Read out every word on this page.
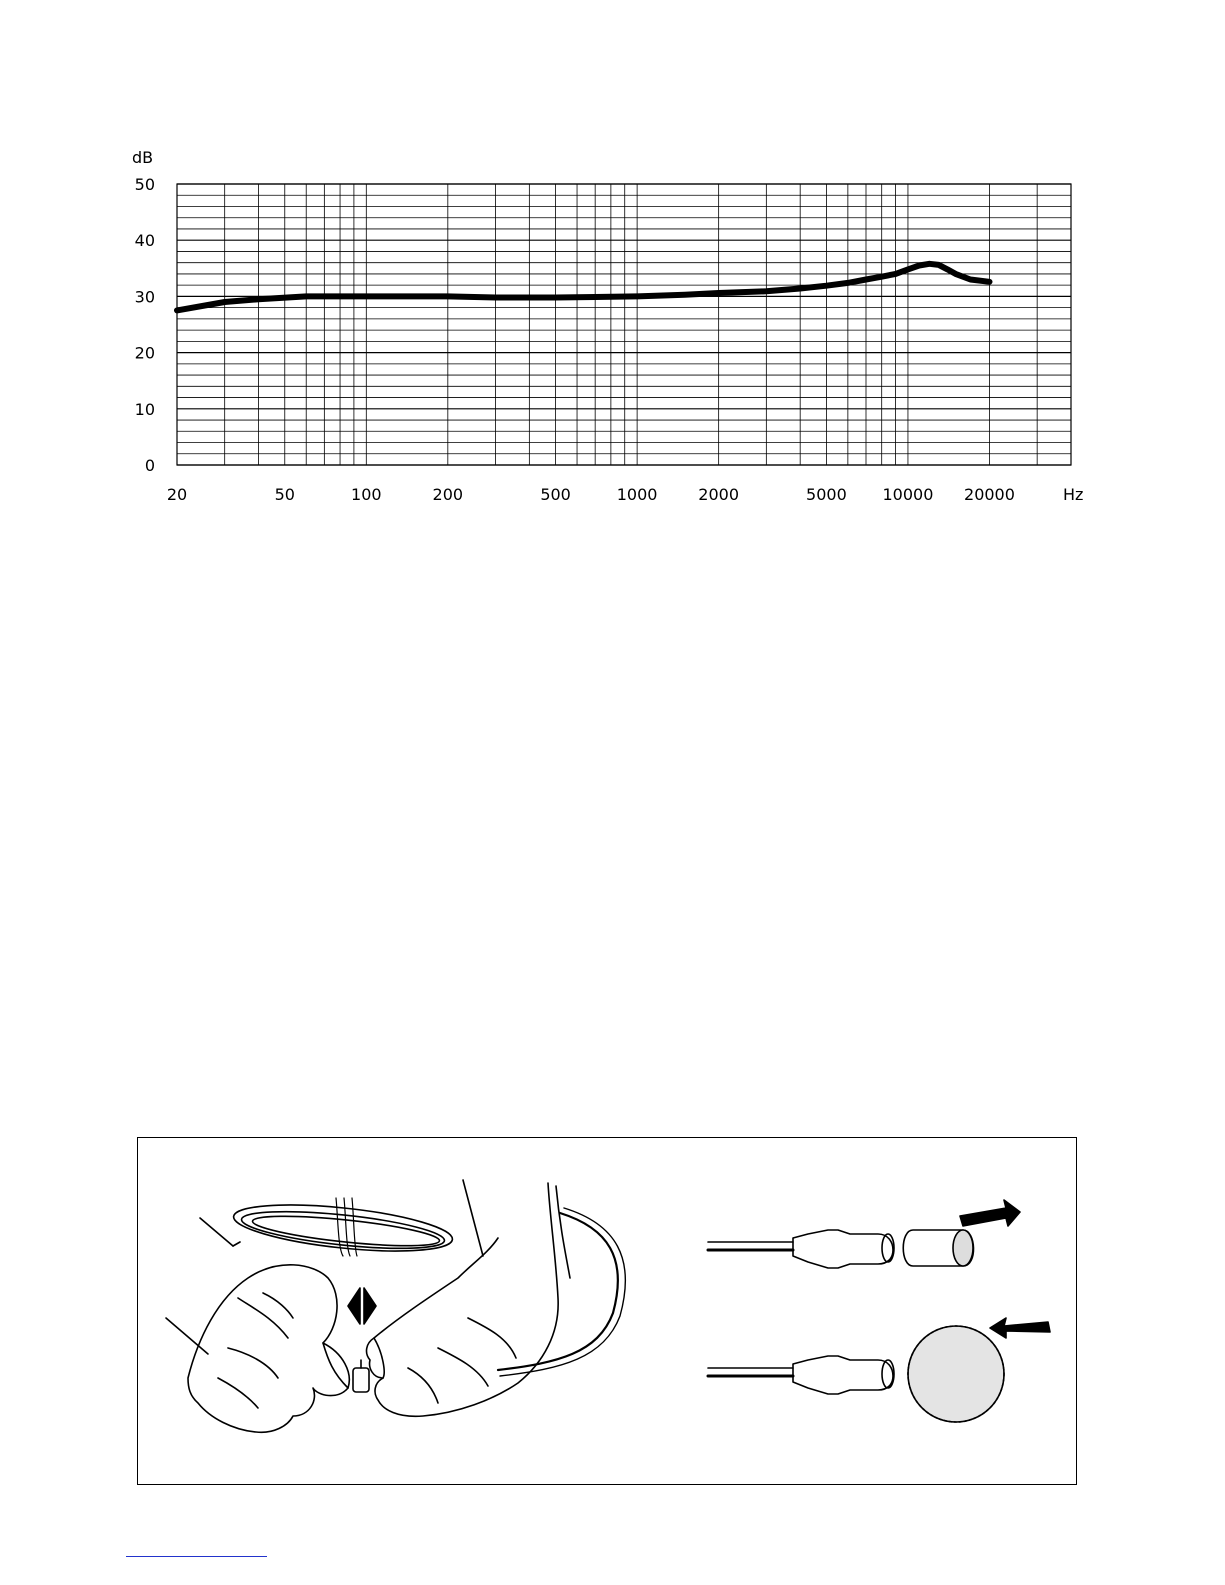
0
10
20
30
40
50
20	50	100	200	500	1000	2000	5000 10000 20000
dB
Hz
